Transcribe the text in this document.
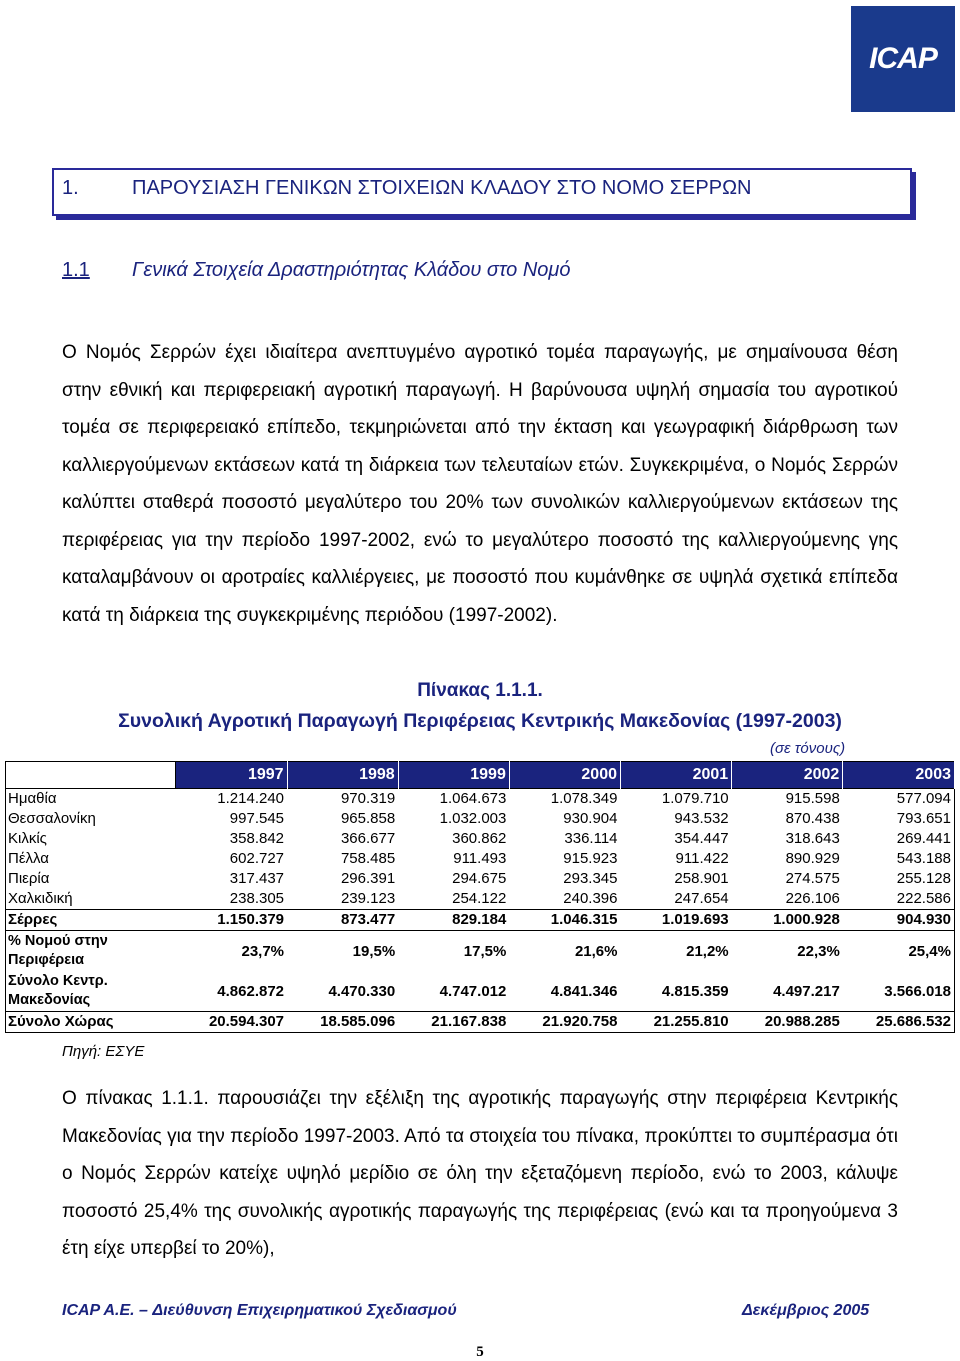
ICAP
1.	ΠΑΡΟΥΣΙΑΣΗ ΓΕΝΙΚΩΝ ΣΤΟΙΧΕΙΩΝ ΚΛΑΔΟΥ ΣΤΟ ΝΟΜΟ ΣΕΡΡΩΝ
1.1 Γενικά Στοιχεία Δραστηριότητας Κλάδου στο Νομό
Ο Νομός Σερρών έχει ιδιαίτερα ανεπτυγμένο αγροτικό τομέα παραγωγής, με σημαίνουσα θέση στην εθνική και περιφερειακή αγροτική παραγωγή. Η βαρύνουσα υψηλή σημασία του αγροτικού τομέα σε περιφερειακό επίπεδο, τεκμηριώνεται από την έκταση και γεωγραφική διάρθρωση των καλλιεργούμενων εκτάσεων κατά τη διάρκεια των τελευταίων ετών. Συγκεκριμένα, ο Νομός Σερρών καλύπτει σταθερά ποσοστό μεγαλύτερο του 20% των συνολικών καλλιεργούμενων εκτάσεων της περιφέρειας για την περίοδο 1997-2002, ενώ το μεγαλύτερο ποσοστό της καλλιεργούμενης γης καταλαμβάνουν οι αροτραίες καλλιέργειες, με ποσοστό που κυμάνθηκε σε υψηλά σχετικά επίπεδα κατά τη διάρκεια της συγκεκριμένης περιόδου (1997-2002).
Πίνακας 1.1.1.
Συνολική Αγροτική Παραγωγή Περιφέρειας Κεντρικής Μακεδονίας (1997-2003)
(σε τόνους)
	1997	1998	1999	2000	2001	2002	2003
Ημαθία	1.214.240	970.319	1.064.673	1.078.349	1.079.710	915.598	577.094
Θεσσαλονίκη	997.545	965.858	1.032.003	930.904	943.532	870.438	793.651
Κιλκίς	358.842	366.677	360.862	336.114	354.447	318.643	269.441
Πέλλα	602.727	758.485	911.493	915.923	911.422	890.929	543.188
Πιερία	317.437	296.391	294.675	293.345	258.901	274.575	255.128
Χαλκιδική	238.305	239.123	254.122	240.396	247.654	226.106	222.586
Σέρρες	1.150.379	873.477	829.184	1.046.315	1.019.693	1.000.928	904.930
% Νομού στην Περιφέρεια	23,7%	19,5%	17,5%	21,6%	21,2%	22,3%	25,4%
Σύνολο Κεντρ. Μακεδονίας	4.862.872	4.470.330	4.747.012	4.841.346	4.815.359	4.497.217	3.566.018
Σύνολο Χώρας	20.594.307	18.585.096	21.167.838	21.920.758	21.255.810	20.988.285	25.686.532
Πηγή: ΕΣΥΕ
Ο πίνακας 1.1.1. παρουσιάζει την εξέλιξη της αγροτικής παραγωγής στην περιφέρεια Κεντρικής Μακεδονίας για την περίοδο 1997-2003. Από τα στοιχεία του πίνακα, προκύπτει το συμπέρασμα ότι ο Νομός Σερρών κατείχε υψηλό μερίδιο σε όλη την εξεταζόμενη περίοδο, ενώ το 2003, κάλυψε ποσοστό 25,4% της συνολικής αγροτικής παραγωγής της περιφέρειας (ενώ και τα προηγούμενα 3 έτη είχε υπερβεί το 20%),
ICAP A.E. – Διεύθυνση Επιχειρηματικού Σχεδιασμού	Δεκέμβριος 2005
5
